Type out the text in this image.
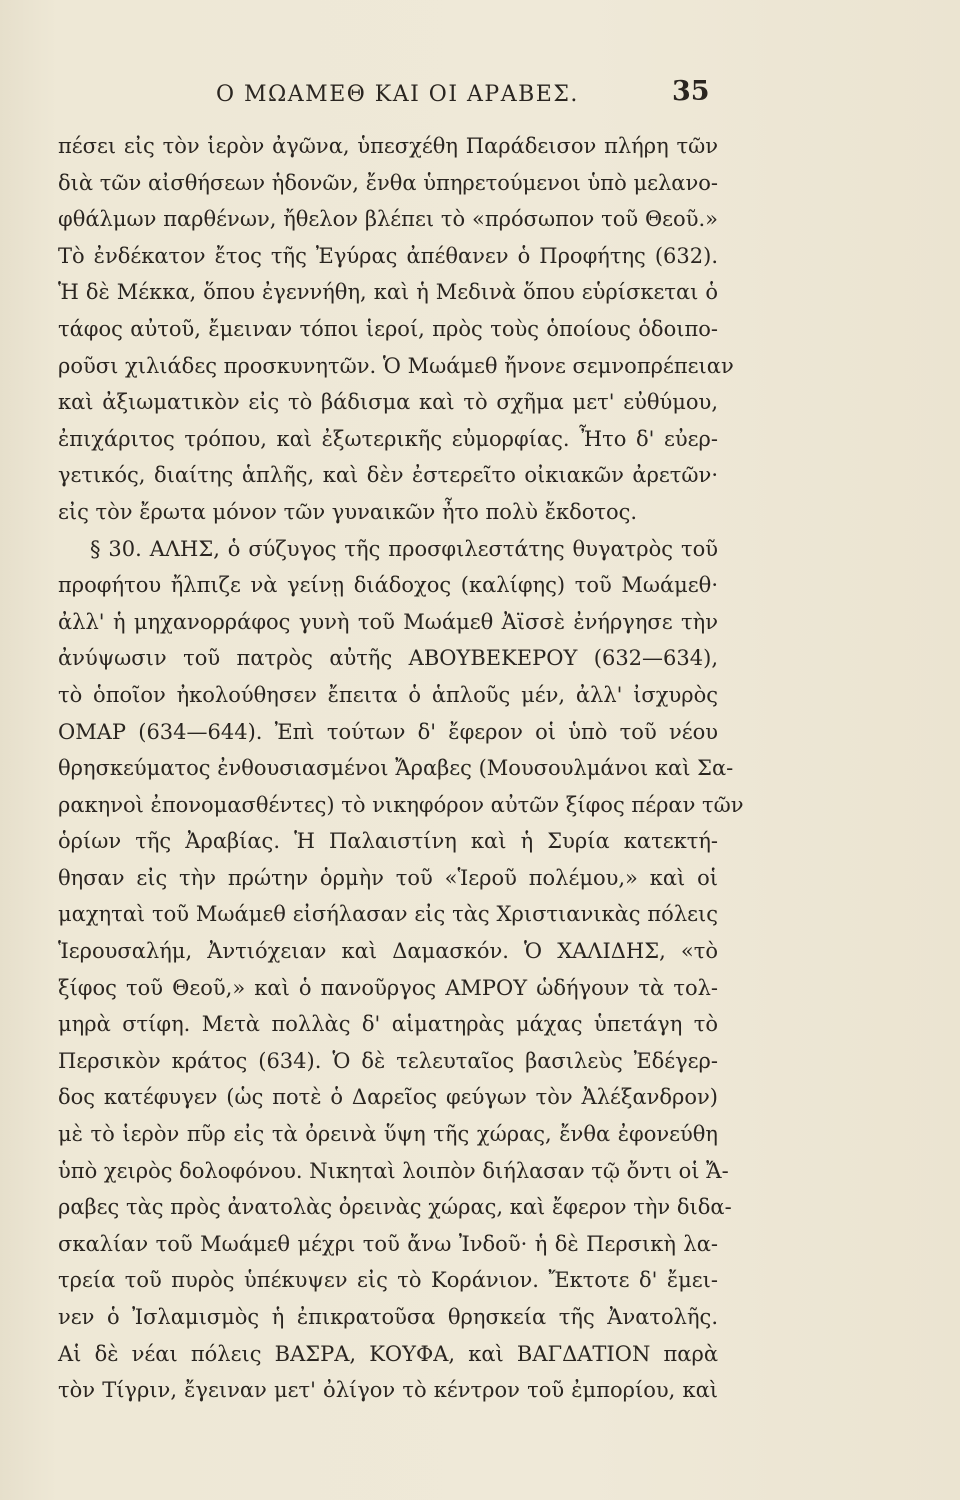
Ο ΜΩΑΜΕΘ ΚΑΙ ΟΙ ΑΡΑΒΕΣ.	35
πέσει εἰς τὸν ἱερὸν ἀγῶνα, ὑπεσχέθη Παράδεισον πλήρη τῶν
διὰ τῶν αἰσθήσεων ἡδονῶν, ἔνθα ὑπηρετούμενοι ὑπὸ μελανο-
φθάλμων παρθένων, ἤθελον βλέπει τὸ «πρόσωπον τοῦ Θεοῦ.»
Τὸ ἐνδέκατον ἔτος τῆς Ἐγύρας ἀπέθανεν ὁ Προφήτης (632).
Ἡ δὲ Μέκκα, ὅπου ἐγεννήθη, καὶ ἡ Μεδινὰ ὅπου εὑρίσκεται ὁ
τάφος αὐτοῦ, ἔμειναν τόποι ἱεροί, πρὸς τοὺς ὁποίους ὁδοιπο-
ροῦσι χιλιάδες προσκυνητῶν. Ὁ Μωάμεθ ἤνονε σεμνοπρέπειαν
καὶ ἀξιωματικὸν εἰς τὸ βάδισμα καὶ τὸ σχῆμα μετ' εὐθύμου,
ἐπιχάριτος τρόπου, καὶ ἐξωτερικῆς εὐμορφίας. Ἦτο δ' εὐερ-
γετικός, διαίτης ἁπλῆς, καὶ δὲν ἐστερεῖτο οἰκιακῶν ἀρετῶν·
εἰς τὸν ἔρωτα μόνον τῶν γυναικῶν ἦτο πολὺ ἔκδοτος.
§ 30. ΑΛΗΣ, ὁ σύζυγος τῆς προσφιλεστάτης θυγατρὸς τοῦ
προφήτου ἤλπιζε νὰ γείνῃ διάδοχος (καλίφης) τοῦ Μωάμεθ·
ἀλλ' ἡ μηχανορράφος γυνὴ τοῦ Μωάμεθ Ἀϊσσὲ ἐνήργησε τὴν
ἀνύψωσιν τοῦ πατρὸς αὐτῆς ΑΒΟΥΒΕΚΕΡΟΥ (632—634),
τὸ ὁποῖον ἠκολούθησεν ἔπειτα ὁ ἁπλοῦς μέν, ἀλλ' ἰσχυρὸς
ΟΜΑΡ (634—644). Ἐπὶ τούτων δ' ἔφερον οἱ ὑπὸ τοῦ νέου
θρησκεύματος ἐνθουσιασμένοι Ἄραβες (Μουσουλμάνοι καὶ Σα-
ρακηνοὶ ἐπονομασθέντες) τὸ νικηφόρον αὐτῶν ξίφος πέραν τῶν
ὁρίων τῆς Ἀραβίας. Ἡ Παλαιστίνη καὶ ἡ Συρία κατεκτή-
θησαν εἰς τὴν πρώτην ὁρμὴν τοῦ «Ἱεροῦ πολέμου,» καὶ οἱ
μαχηταὶ τοῦ Μωάμεθ εἰσήλασαν εἰς τὰς Χριστιανικὰς πόλεις
Ἱερουσαλήμ, Ἀντιόχειαν καὶ Δαμασκόν. Ὁ ΧΑΛΙΔΗΣ, «τὸ
ξίφος τοῦ Θεοῦ,» καὶ ὁ πανοῦργος ΑΜΡΟΥ ὡδήγουν τὰ τολ-
μηρὰ στίφη. Μετὰ πολλὰς δ' αἱματηρὰς μάχας ὑπετάγη τὸ
Περσικὸν κράτος (634). Ὁ δὲ τελευταῖος βασιλεὺς Ἐδέγερ-
δος κατέφυγεν (ὡς ποτὲ ὁ Δαρεῖος φεύγων τὸν Ἀλέξανδρον)
μὲ τὸ ἱερὸν πῦρ εἰς τὰ ὀρεινὰ ὕψη τῆς χώρας, ἔνθα ἐφονεύθη
ὑπὸ χειρὸς δολοφόνου. Νικηταὶ λοιπὸν διήλασαν τῷ ὄντι οἱ Ἄ-
ραβες τὰς πρὸς ἀνατολὰς ὀρεινὰς χώρας, καὶ ἔφερον τὴν διδα-
σκαλίαν τοῦ Μωάμεθ μέχρι τοῦ ἄνω Ἰνδοῦ· ἡ δὲ Περσικὴ λα-
τρεία τοῦ πυρὸς ὑπέκυψεν εἰς τὸ Κοράνιον. Ἔκτοτε δ' ἔμει-
νεν ὁ Ἰσλαμισμὸς ἡ ἐπικρατοῦσα θρησκεία τῆς Ἀνατολῆς.
Αἱ δὲ νέαι πόλεις ΒΑΣΡΑ, ΚΟΥΦΑ, καὶ ΒΑΓΔΑΤΙΟΝ παρὰ
τὸν Τίγριν, ἔγειναν μετ' ὀλίγον τὸ κέντρον τοῦ ἐμπορίου, καὶ
